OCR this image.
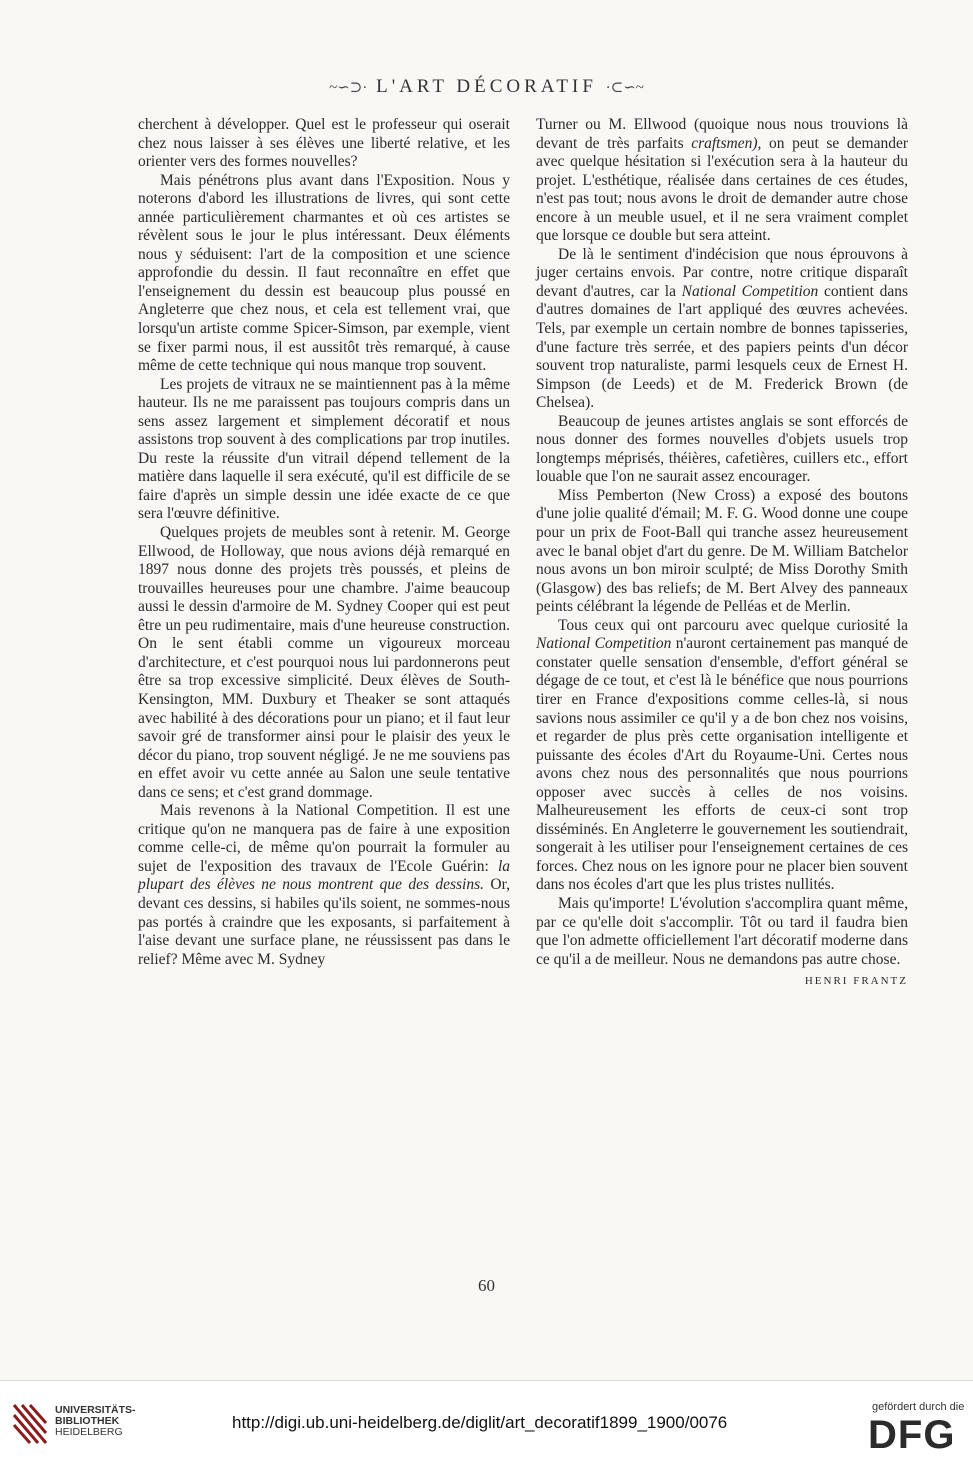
~∽⊃· L'ART DÉCORATIF ·⊂∽~

cherchent à développer. Quel est le professeur qui oserait chez nous laisser à ses élèves une liberté relative, et les orienter vers des formes nouvelles?

Mais pénétrons plus avant dans l'Exposition. Nous y noterons d'abord les illustrations de livres, qui sont cette année particulièrement charmantes et où ces artistes se révèlent sous le jour le plus intéressant. Deux éléments nous y séduisent: l'art de la composition et une science approfondie du dessin. Il faut reconnaître en effet que l'enseignement du dessin est beaucoup plus poussé en Angleterre que chez nous, et cela est tellement vrai, que lorsqu'un artiste comme Spicer-Simson, par exemple, vient se fixer parmi nous, il est aussitôt très remarqué, à cause même de cette technique qui nous manque trop souvent.

Les projets de vitraux ne se maintiennent pas à la même hauteur. Ils ne me paraissent pas toujours compris dans un sens assez largement et simplement décoratif et nous assistons trop souvent à des complications par trop inutiles. Du reste la réussite d'un vitrail dépend tellement de la matière dans laquelle il sera exécuté, qu'il est difficile de se faire d'après un simple dessin une idée exacte de ce que sera l'œuvre définitive.

Quelques projets de meubles sont à retenir. M. George Ellwood, de Holloway, que nous avions déjà remarqué en 1897 nous donne des projets très poussés, et pleins de trouvailles heureuses pour une chambre. J'aime beaucoup aussi le dessin d'armoire de M. Sydney Cooper qui est peut être un peu rudimentaire, mais d'une heureuse construction. On le sent établi comme un vigoureux morceau d'architecture, et c'est pourquoi nous lui pardonnerons peut être sa trop excessive simplicité. Deux élèves de South-Kensington, MM. Duxbury et Theaker se sont attaqués avec habilité à des décorations pour un piano; et il faut leur savoir gré de transformer ainsi pour le plaisir des yeux le décor du piano, trop souvent négligé. Je ne me souviens pas en effet avoir vu cette année au Salon une seule tentative dans ce sens; et c'est grand dommage.

Mais revenons à la National Competition. Il est une critique qu'on ne manquera pas de faire à une exposition comme celle-ci, de même qu'on pourrait la formuler au sujet de l'exposition des travaux de l'Ecole Guérin: la plupart des élèves ne nous montrent que des dessins. Or, devant ces dessins, si habiles qu'ils soient, ne sommes-nous pas portés à craindre que les exposants, si parfaitement à l'aise devant une surface plane, ne réussissent pas dans le relief? Même avec M. Sydney

Turner ou M. Ellwood (quoique nous nous trouvions là devant de très parfaits craftsmen), on peut se demander avec quelque hésitation si l'exécution sera à la hauteur du projet. L'esthétique, réalisée dans certaines de ces études, n'est pas tout; nous avons le droit de demander autre chose encore à un meuble usuel, et il ne sera vraiment complet que lorsque ce double but sera atteint.

De là le sentiment d'indécision que nous éprouvons à juger certains envois. Par contre, notre critique disparaît devant d'autres, car la National Competition contient dans d'autres domaines de l'art appliqué des œuvres achevées. Tels, par exemple un certain nombre de bonnes tapisseries, d'une facture très serrée, et des papiers peints d'un décor souvent trop naturaliste, parmi lesquels ceux de Ernest H. Simpson (de Leeds) et de M. Frederick Brown (de Chelsea).

Beaucoup de jeunes artistes anglais se sont efforcés de nous donner des formes nouvelles d'objets usuels trop longtemps méprisés, théières, cafetières, cuillers etc., effort louable que l'on ne saurait assez encourager.

Miss Pemberton (New Cross) a exposé des boutons d'une jolie qualité d'émail; M. F. G. Wood donne une coupe pour un prix de Foot-Ball qui tranche assez heureusement avec le banal objet d'art du genre. De M. William Batchelor nous avons un bon miroir sculpté; de Miss Dorothy Smith (Glasgow) des bas reliefs; de M. Bert Alvey des panneaux peints célébrant la légende de Pelléas et de Merlin.

Tous ceux qui ont parcouru avec quelque curiosité la National Competition n'auront certainement pas manqué de constater quelle sensation d'ensemble, d'effort général se dégage de ce tout, et c'est là le bénéfice que nous pourrions tirer en France d'expositions comme celles-là, si nous savions nous assimiler ce qu'il y a de bon chez nos voisins, et regarder de plus près cette organisation intelligente et puissante des écoles d'Art du Royaume-Uni. Certes nous avons chez nous des personnalités que nous pourrions opposer avec succès à celles de nos voisins. Malheureusement les efforts de ceux-ci sont trop disséminés. En Angleterre le gouvernement les soutiendrait, songerait à les utiliser pour l'enseignement certaines de ces forces. Chez nous on les ignore pour ne placer bien souvent dans nos écoles d'art que les plus tristes nullités.

Mais qu'importe! L'évolution s'accomplira quant même, par ce qu'elle doit s'accomplir. Tôt ou tard il faudra bien que l'on admette officiellement l'art décoratif moderne dans ce qu'il a de meilleur. Nous ne demandons pas autre chose.
HENRI FRANTZ

60
UNIVERSITÄTS-
BIBLIOTHEK
HEIDELBERG	http://digi.ub.uni-heidelberg.de/diglit/art_decoratif1899_1900/0076
gefördert durch die
DFG
